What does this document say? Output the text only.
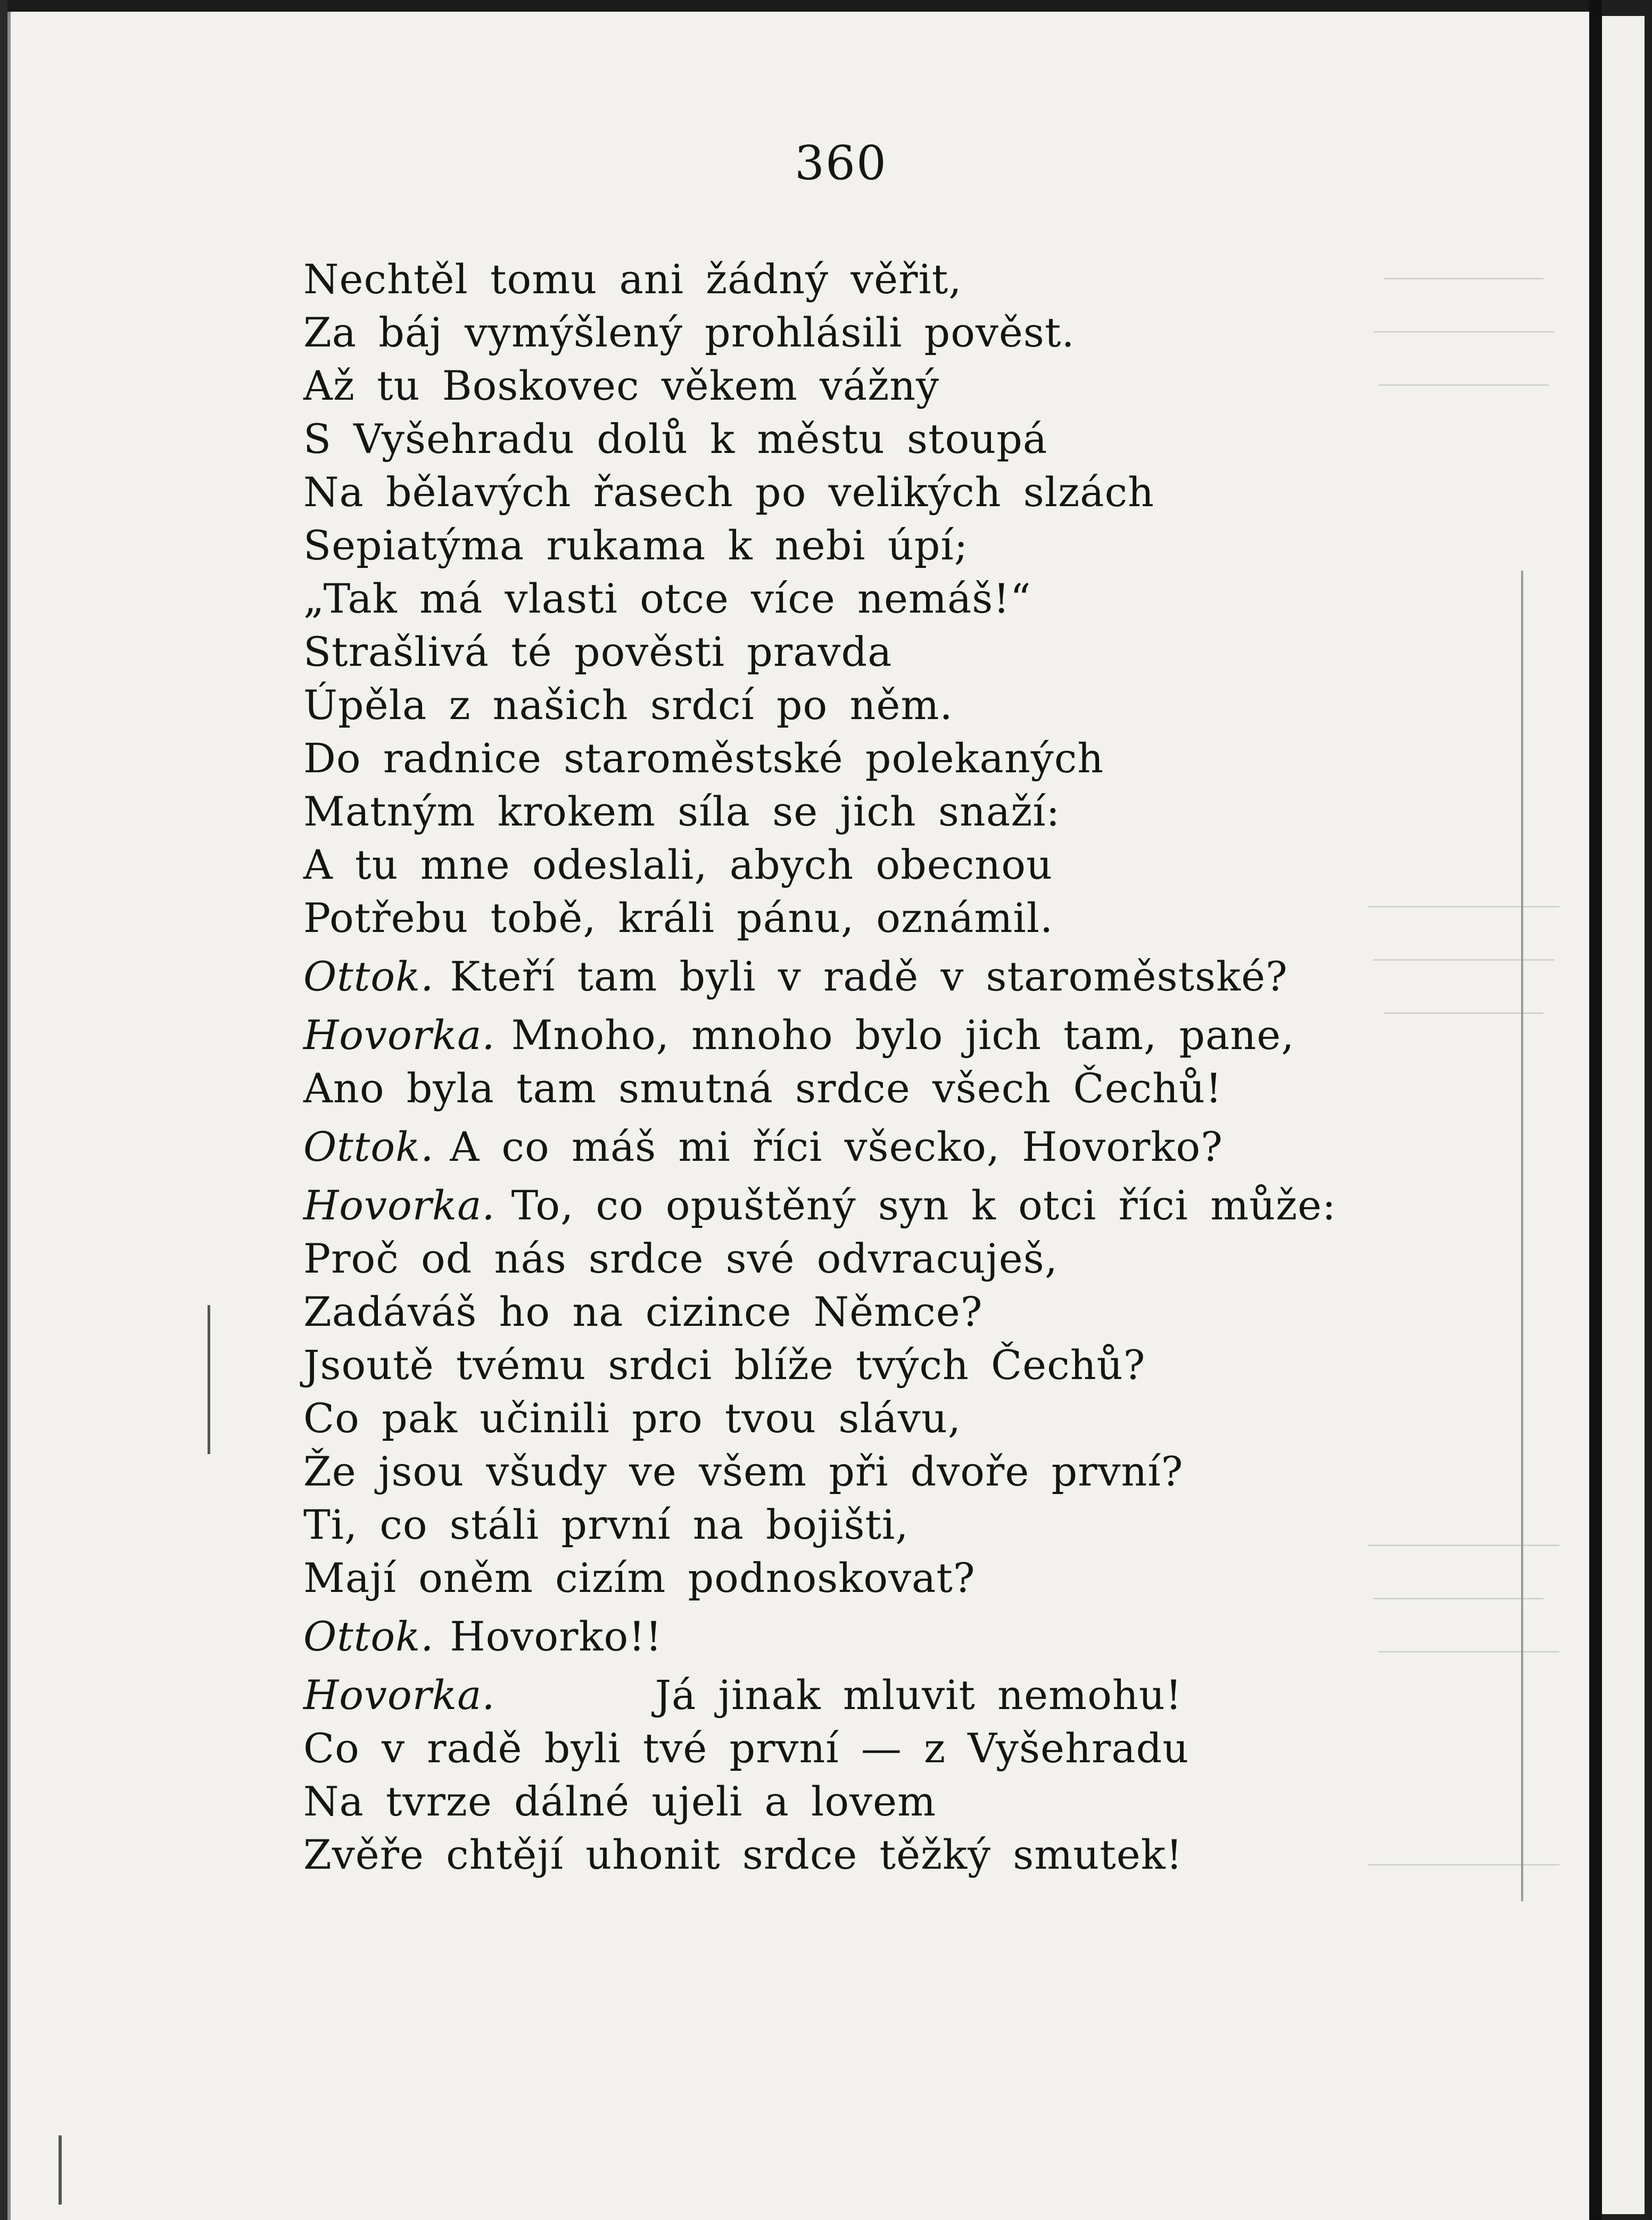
360
Nechtěl tomu ani žádný věřit,
Za báj vymýšlený prohlásili pověst.
Až tu Boskovec věkem vážný
S Vyšehradu dolů k městu stoupá
Na bělavých řasech po velikých slzách
Sepiatýma rukama k nebi úpí;
„Tak má vlasti otce více nemáš!“
Strašlivá té pověsti pravda
Úpěla z našich srdcí po něm.
Do radnice staroměstské polekaných
Matným krokem síla se jich snaží:
A tu mne odeslali, abych obecnou
Potřebu tobě, králi pánu, oznámil.
Ottok. Kteří tam byli v radě v staroměstské?
Hovorka. Mnoho, mnoho bylo jich tam, pane,
Ano byla tam smutná srdce všech Čechů!
Ottok. A co máš mi říci všecko, Hovorko?
Hovorka. To, co opuštěný syn k otci říci může:
Proč od nás srdce své odvracuješ,
Zadáváš ho na cizince Němce?
Jsoutě tvému srdci blíže tvých Čechů?
Co pak učinili pro tvou slávu,
Že jsou všudy ve všem při dvoře první?
Ti, co stáli první na bojišti,
Mají oněm cizím podnoskovat?
Ottok. Hovorko!!
Hovorka.	Já jinak mluvit nemohu!
Co v radě byli tvé první — z Vyšehradu
Na tvrze dálné ujeli a lovem
Zvěře chtějí uhonit srdce těžký smutek!
